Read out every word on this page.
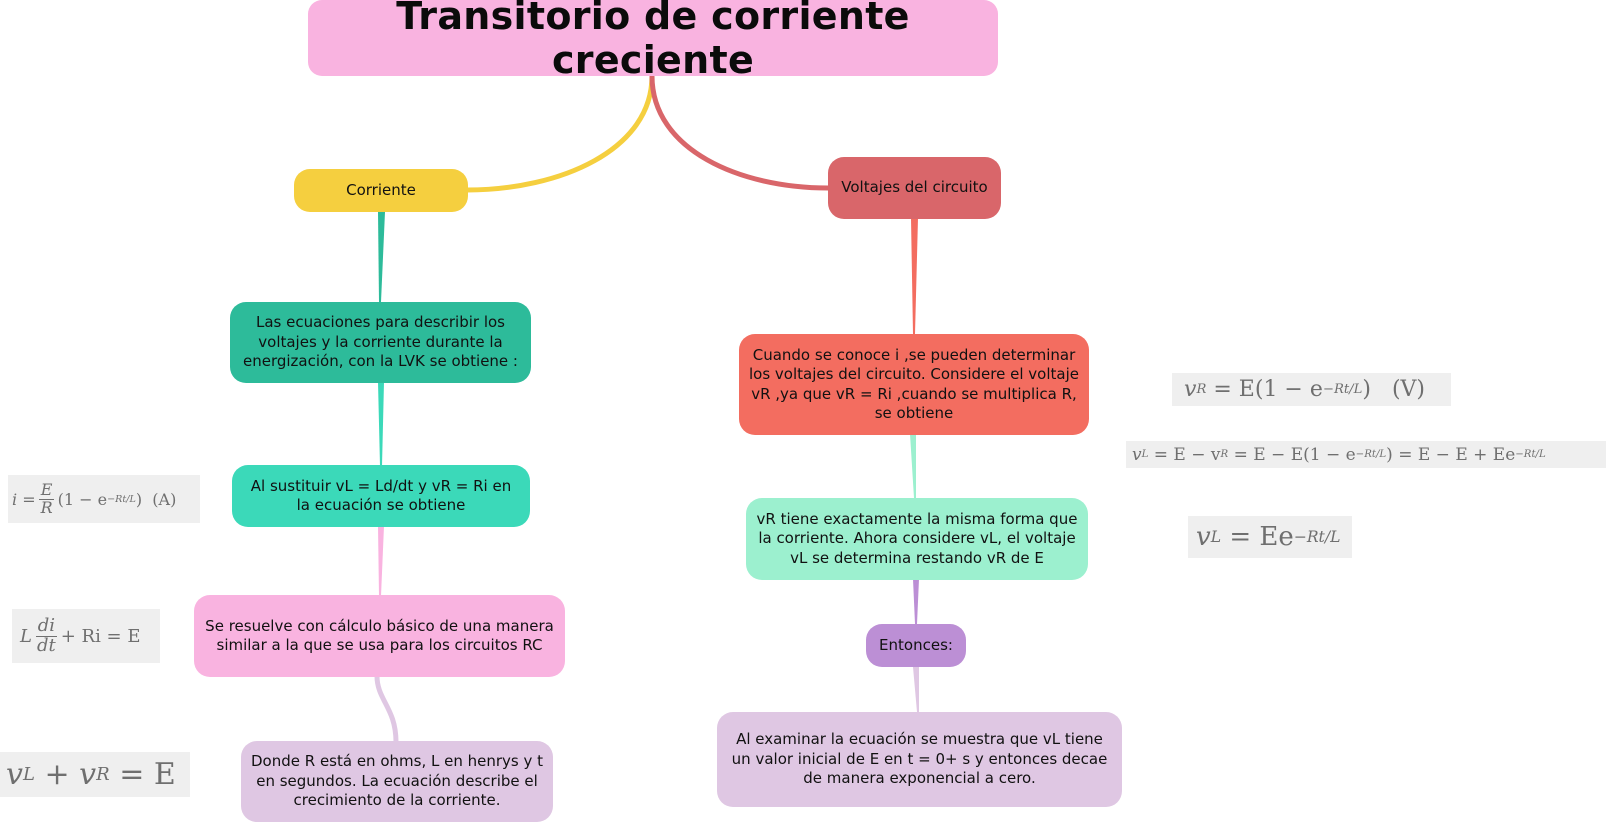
Transitorio de corriente creciente
Corriente	Voltajes del circuito
Las ecuaciones para describir los voltajes y la corriente durante la energización, con la LVK se obtiene :
Al sustituir vL = Ld/dt y vR = Ri en la ecuación se obtiene
Se resuelve con cálculo básico de una manera similar a la que se usa para los circuitos RC
Donde R está en ohms, L en henrys y t en segundos. La ecuación describe el crecimiento de la corriente.
Cuando se conoce i ,se pueden determinar los voltajes del circuito. Considere el voltaje vR ,ya que vR = Ri ,cuando se multiplica R, se obtiene
vR tiene exactamente la misma forma que la corriente. Ahora considere vL, el voltaje vL se determina restando vR de E
Entonces:
Al examinar la ecuación se muestra que vL tiene un valor inicial de E en t = 0+ s y entonces decae de manera exponencial a cero.
i
= $\frac{E}{R} (1 - e -Rt/L$ )
(A)
L $\frac{di}{dt} + Ri = E$
v L
+
v R
= E
v R
= E(1 − e −Rt/L )
(V)
v L
= E − v R
= E − E(1 − e −Rt/L ) = E − E + Ee −Rt/L
v L
= Ee −Rt/L
